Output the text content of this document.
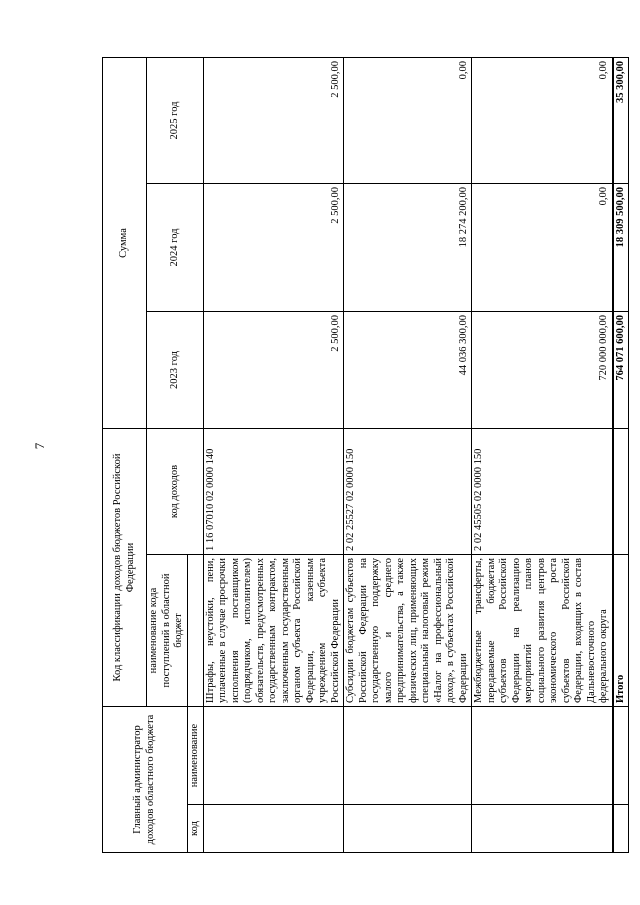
7
Главный администратор доходов областного бюджета		Код классификации доходов бюджетов Российской Федерации		Сумма		
		наименование кода поступлений в областной бюджет	код доходов	2023 год	2024 год	2025 год
код	наименование					
		Штрафы, неустойки, пени, уплаченные в случае просрочки исполнения поставщиком (подрядчиком, исполнителем) обязательств, предусмотренных государственным контрактом, заключенным государственным органом субъекта Российской Федерации, казенным учреждением субъекта Российской Федерации	1 16 07010 02 0000 140	2 500,00	2 500,00	2 500,00
		Субсидии бюджетам субъектов Российской Федерации на государственную поддержку малого и среднего предпринимательства, а также физических лиц, применяющих специальный налоговый режим «Налог на профессиональный доход», в субъектах Российской Федерации	2 02 25527 02 0000 150	44 036 300,00	18 274 200,00	0,00
		Межбюджетные трансферты, передаваемые бюджетам субъектов Российской Федерации на реализацию мероприятий планов социального развития центров экономического роста субъектов Российской Федерации, входящих в состав Дальневосточного федерального округа	2 02 45505 02 0000 150	720 000 000,00	0,00	0,00
		Итого		764 071 600,00	18 309 500,00	35 300,00
